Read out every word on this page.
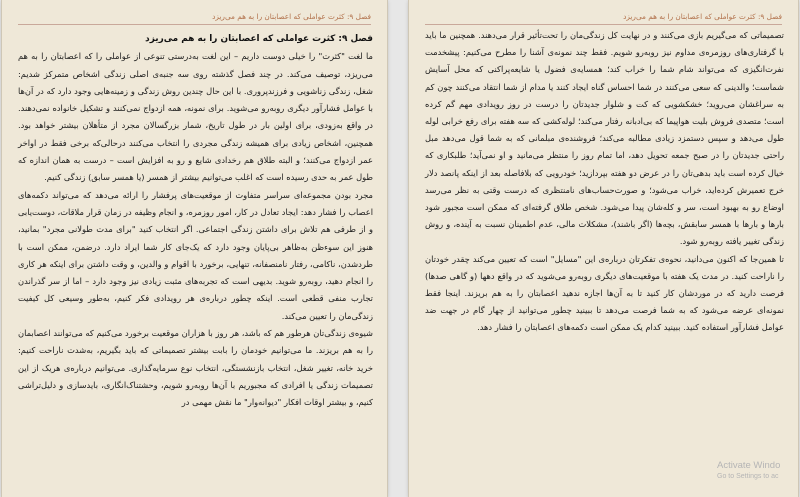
فصل ۹: کثرت عواملی که اعصابتان را به هم می‌ریزد

فصل ۹: کثرت عواملی که اعصابتان را به هم می‌ریزد

ما لغت "کثرت" را خیلی دوست داریم – این لغت به‌درستی تنوعی از عواملی را که اعصابتان را به هم می‌ریزد، توصیف می‌کند. در چند فصل گذشته روی سه جنبه‌ی اصلی زندگی اشخاص متمرکز شدیم: شغل، زندگی زناشویی و فرزندپروری. با این حال چندین روش زندگی و زمینه‌هایی وجود دارد که در آن‌ها با عوامل فشارآور دیگری روبه‌رو می‌شوید. برای نمونه، همه ازدواج نمی‌کنند و تشکیل خانواده نمی‌دهند. در واقع به‌زودی، برای اولین بار در طول تاریخ، شمار بزرگسالان مجرد از متأهلان بیشتر خواهد بود. همچنین، اشخاص زیادی برای همیشه زندگی مجردی را انتخاب می‌کنند درحالی‌که برخی فقط در اواخر عمر ازدواج می‌کنند؛ و البته طلاق هم رخدادی شایع و رو به افزایش است – درست به همان اندازه که طول عمر به حدی رسیده است که اغلب می‌توانیم بیشتر از همسر (یا همسر سابق) زندگی کنیم.

مجرد بودن مجموعه‌ای سراسر متفاوت از موقعیت‌های پرفشار را ارائه می‌دهد که می‌تواند دکمه‌های اعصاب را فشار دهد: ایجاد تعادل در کار، امور روزمره، و انجام وظیفه در زمان قرار ملاقات، دوست‌یابی و از طرفی هم تلاش برای داشتن زندگی اجتماعی. اگر انتخاب کنید "برای مدت طولانی مجرد" بمانید، هنوز این سوءظن به‌ظاهر بی‌پایان وجود دارد که یک‌جای کار شما ایراد دارد. درضمن، ممکن است با طردشدن، ناکامی، رفتار نامنصفانه، تنهایی، برخورد با اقوام و والدین، و وقت داشتن برای اینکه هر کاری را انجام دهید، روبه‌رو شوید. بدیهی است که تجربه‌های مثبت زیادی نیز وجود دارد – اما از سر گذراندن تجارب منفی قطعی است. اینکه چطور درباره‌ی هر رویدادی فکر کنیم، به‌طور وسیعی کل کیفیت زندگی‌مان را تعیین می‌کند.

شیوه‌ی زندگی‌تان هرطور هم که باشد، هر روز با هزاران موقعیت برخورد می‌کنیم که می‌توانند اعصابمان را به هم بریزند. ما می‌توانیم خودمان را بابت بیشتر تصمیماتی که باید بگیریم، به‌شدت ناراحت کنیم: خرید خانه، تغییر شغل، انتخاب بازنشستگی، انتخاب نوع سرمایه‌گذاری. می‌توانیم درباره‌ی هریک از این تصمیمات زندگی یا افرادی که مجبوریم با آن‌ها روبه‌رو شویم، وحشتناک‌انگاری، بایدسازی و دلیل‌تراشی کنیم، و بیشتر اوقات افکار "دیوانه‌وار" ما نقش مهمی در

فصل ۹: کثرت عواملی که اعصابتان را به هم می‌ریزد

تصمیماتی که می‌گیریم بازی می‌کنند و در نهایت کل زندگی‌مان را تحت‌تأثیر قرار می‌دهند. همچنین ما باید با گرفتاری‌های روزمره‌ی مداوم نیز روبه‌رو شویم. فقط چند نمونه‌ی آشنا را مطرح می‌کنیم: پیشخدمت نفرت‌انگیزی که می‌تواند شام شما را خراب کند؛ همسایه‌ی فضول یا شایعه‌پراکنی که محل آسایش شماست؛ والدینی که سعی می‌کنند در شما احساس گناه ایجاد کنند یا مدام از شما انتقاد می‌کنند چون کم به سراغشان می‌روید؛ خشکشویی که کت و شلوار جدیدتان را درست در روز رویدادی مهم گم کرده است؛ متصدی فروش بلیت هواپیما که بی‌ادبانه رفتار می‌کند؛ لوله‌کشی که سه هفته برای رفع خرابی لوله طول می‌دهد و سپس دستمزد زیادی مطالبه می‌کند؛ فروشنده‌ی مبلمانی که به شما قول می‌دهد مبل راحتی جدیدتان را در صبح جمعه تحویل دهد، اما تمام روز را منتظر می‌مانید و او نمی‌آید؛ طلبکاری که خیال کرده است باید بدهی‌تان را در عرض دو هفته بپردازید؛ خودرویی که بلافاصله بعد از اینکه پانصد دلار خرج تعمیرش کرده‌اید، خراب می‌شود؛ و صورت‌حساب‌های نامنتظری که درست وقتی به نظر می‌رسد اوضاع رو به بهبود است، سر و کله‌شان پیدا می‌شود. شخص طلاق گرفته‌ای که ممکن است مجبور شود بارها و بارها با همسر سابقش، بچه‌ها (اگر باشند)، مشکلات مالی، عدم اطمینان نسبت به آینده، و روش زندگی تغییر یافته روبه‌رو شود.

تا همین‌جا که اکنون می‌دانید، نحوه‌ی تفکرتان درباره‌ی این "مسایل" است که تعیین می‌کند چقدر خودتان را ناراحت کنید. در مدت یک هفته با موقعیت‌های دیگری روبه‌رو می‌شوید که در واقع دهها (و گاهی صدها) فرصت دارید که در موردشان کار کنید تا به آن‌ها اجازه ندهید اعصابتان را به هم بریزند. اینجا فقط نمونه‌ای عرضه می‌شود که به شما فرصت می‌دهد تا ببینید چطور می‌توانید از چهار گام در جهت ضد عوامل فشارآور استفاده کنید. ببینید کدام یک ممکن است دکمه‌های اعصابتان را فشار دهد.

Activate Windo
Go to Settings to ac
